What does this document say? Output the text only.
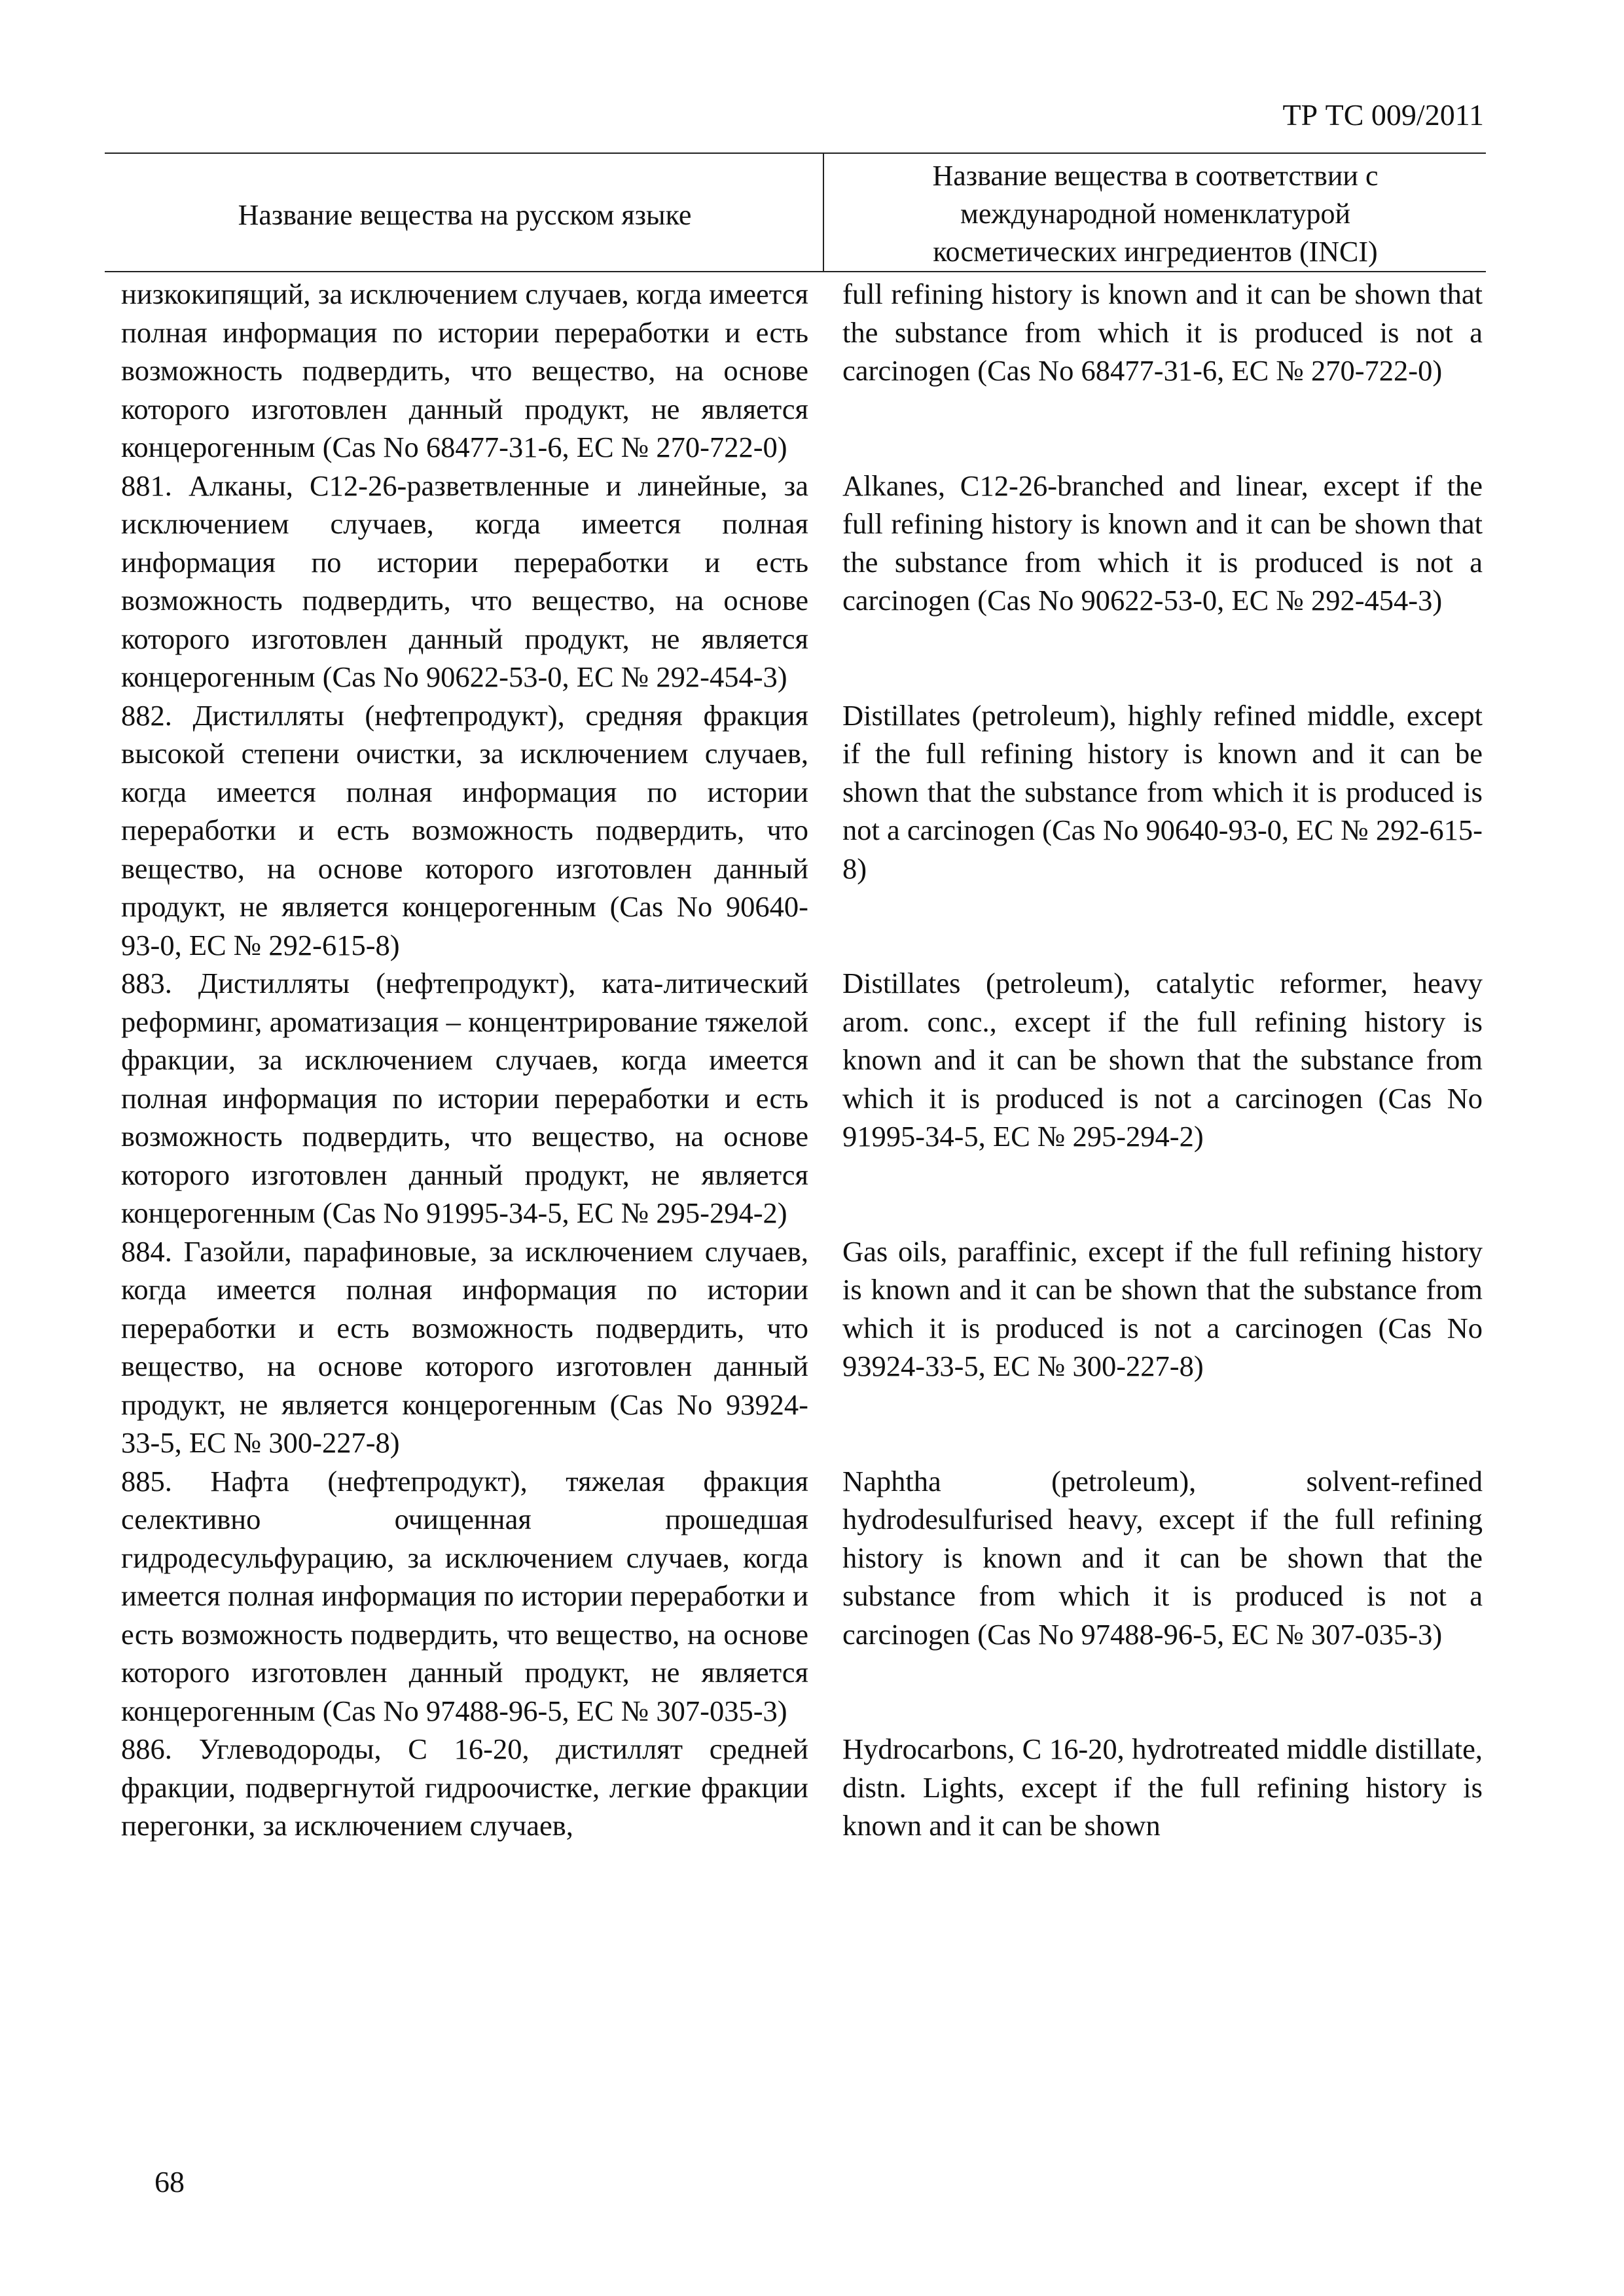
ТР ТС 009/2011
Название вещества на русском языке
Название вещества в соответствии с
международной номенклатурой
косметических ингредиентов (INCI)
низкокипящий, за исключением случаев, когда имеется полная информация по истории переработки и есть возможность подвердить, что вещество, на основе которого изготовлен данный продукт, не является концерогенным (Cas No 68477-31-6, ЕС № 270-722-0)
full refining history is known and it can be shown that the substance from which it is produced is not a carcinogen (Cas No 68477-31-6, ЕС № 270-722-0)
881. Алканы, С12-26-разветвленные и линейные, за исключением случаев, когда имеется полная информация по истории переработки и есть возможность подвердить, что вещество, на основе которого изготовлен данный продукт, не является концерогенным (Cas No 90622-53-0, ЕС № 292-454-3)
Alkanes, C12-26-branched and linear, except if the full refining history is known and it can be shown that the substance from which it is produced is not a carcinogen (Cas No 90622-53-0, ЕС № 292-454-3)
882. Дистилляты (нефтепродукт), средняя фракция высокой степени очистки, за исключением случаев, когда имеется полная информация по истории переработки и есть возможность подвердить, что вещество, на основе которого изготовлен данный продукт, не является концерогенным (Cas No 90640-93-0, ЕС № 292-615-8)
Distillates (petroleum), highly refined middle, except if the full refining history is known and it can be shown that the substance from which it is produced is not a carcinogen (Cas No 90640-93-0, ЕС № 292-615-8)
883. Дистилляты (нефтепродукт), ката-литический реформинг, ароматизация – концентрирование тяжелой фракции, за исключением случаев, когда имеется полная информация по истории переработки и есть возможность подвердить, что вещество, на основе которого изготовлен данный продукт, не является концерогенным (Cas No 91995-34-5, ЕС № 295-294-2)
Distillates (petroleum), catalytic reformer, heavy arom. conc., except if the full refining history is known and it can be shown that the substance from which it is produced is not a carcinogen (Cas No 91995-34-5, ЕС № 295-294-2)
884. Газойли, парафиновые, за исключением случаев, когда имеется полная информация по истории переработки и есть возможность подвердить, что вещество, на основе которого изготовлен данный продукт, не является концерогенным (Cas No 93924-33-5, ЕС № 300-227-8)
Gas oils, paraffinic, except if the full refining history is known and it can be shown that the substance from which it is produced is not a carcinogen (Cas No 93924-33-5, ЕС № 300-227-8)
885. Нафта (нефтепродукт), тяжелая фракция селективно очищенная прошедшая гидродесульфурацию, за исключением случаев, когда имеется полная информация по истории переработки и есть возможность подвердить, что вещество, на основе которого изготовлен данный продукт, не является концерогенным (Cas No 97488-96-5, ЕС № 307-035-3)
Naphtha (petroleum), solvent-refined hydrodesulfurised heavy, except if the full refining history is known and it can be shown that the substance from which it is produced is not a carcinogen (Cas No 97488-96-5, ЕС № 307-035-3)
886. Углеводороды, С 16-20, дистиллят средней фракции, подвергнутой гидроочистке, легкие фракции перегонки, за исключением случаев,
Hydrocarbons, C 16-20, hydrotreated middle distillate, distn. Lights, except if the full refining history is known and it can be shown
68
